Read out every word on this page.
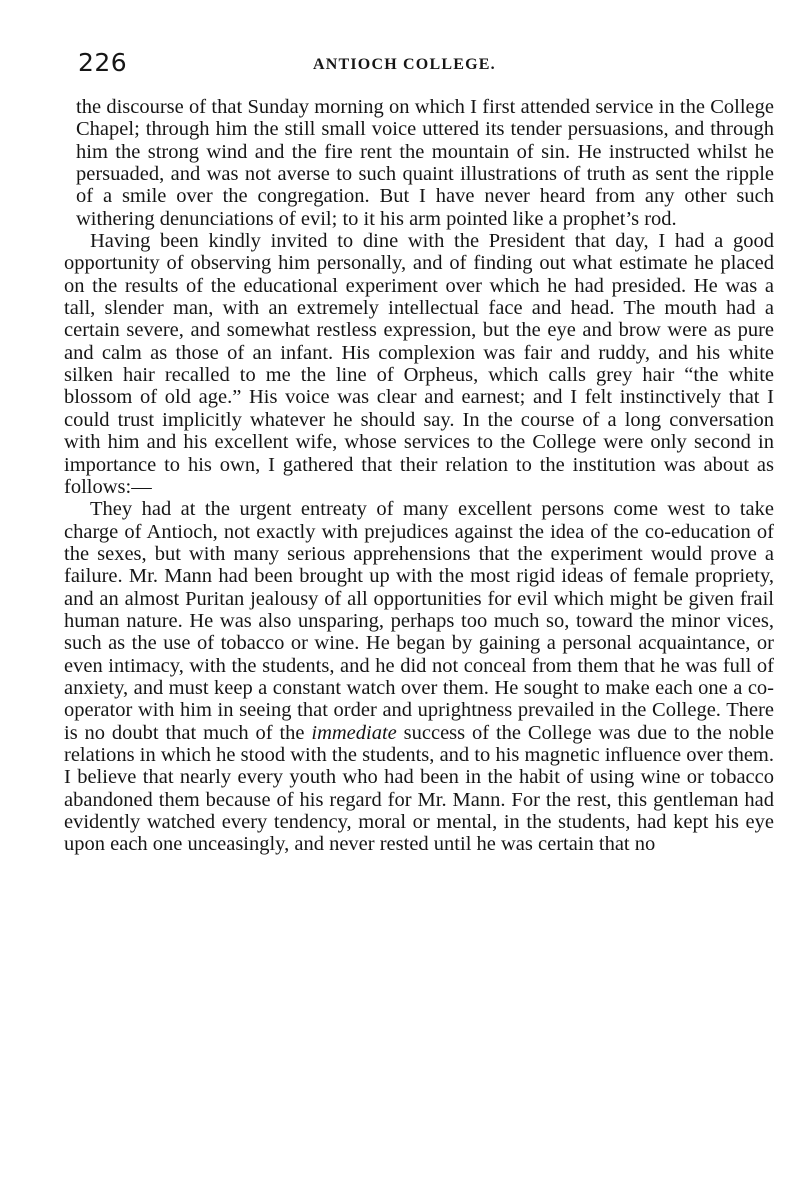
226	ANTIOCH COLLEGE.

the discourse of that Sunday morning on which I first attended service in the College Chapel; through him the still small voice uttered its tender persuasions, and through him the strong wind and the fire rent the mountain of sin. He instructed whilst he persuaded, and was not averse to such quaint illustrations of truth as sent the ripple of a smile over the congregation. But I have never heard from any other such withering denunciations of evil; to it his arm pointed like a prophet’s rod.

Having been kindly invited to dine with the President that day, I had a good opportunity of observing him personally, and of finding out what estimate he placed on the results of the educational experiment over which he had presided. He was a tall, slender man, with an extremely intellectual face and head. The mouth had a certain severe, and somewhat restless expression, but the eye and brow were as pure and calm as those of an infant. His complexion was fair and ruddy, and his white silken hair recalled to me the line of Orpheus, which calls grey hair “the white blossom of old age.” His voice was clear and earnest; and I felt instinctively that I could trust implicitly whatever he should say. In the course of a long conversation with him and his excellent wife, whose services to the College were only second in importance to his own, I gathered that their relation to the institution was about as follows:—

They had at the urgent entreaty of many excellent persons come west to take charge of Antioch, not exactly with prejudices against the idea of the co-education of the sexes, but with many serious apprehensions that the experiment would prove a failure. Mr. Mann had been brought up with the most rigid ideas of female propriety, and an almost Puritan jealousy of all opportunities for evil which might be given frail human nature. He was also unsparing, perhaps too much so, toward the minor vices, such as the use of tobacco or wine. He began by gaining a personal acquaintance, or even intimacy, with the students, and he did not conceal from them that he was full of anxiety, and must keep a constant watch over them. He sought to make each one a co-operator with him in seeing that order and uprightness prevailed in the College. There is no doubt that much of the immediate success of the College was due to the noble relations in which he stood with the students, and to his magnetic influence over them. I believe that nearly every youth who had been in the habit of using wine or tobacco abandoned them because of his regard for Mr. Mann. For the rest, this gentleman had evidently watched every tendency, moral or mental, in the students, had kept his eye upon each one unceasingly, and never rested until he was certain that no
